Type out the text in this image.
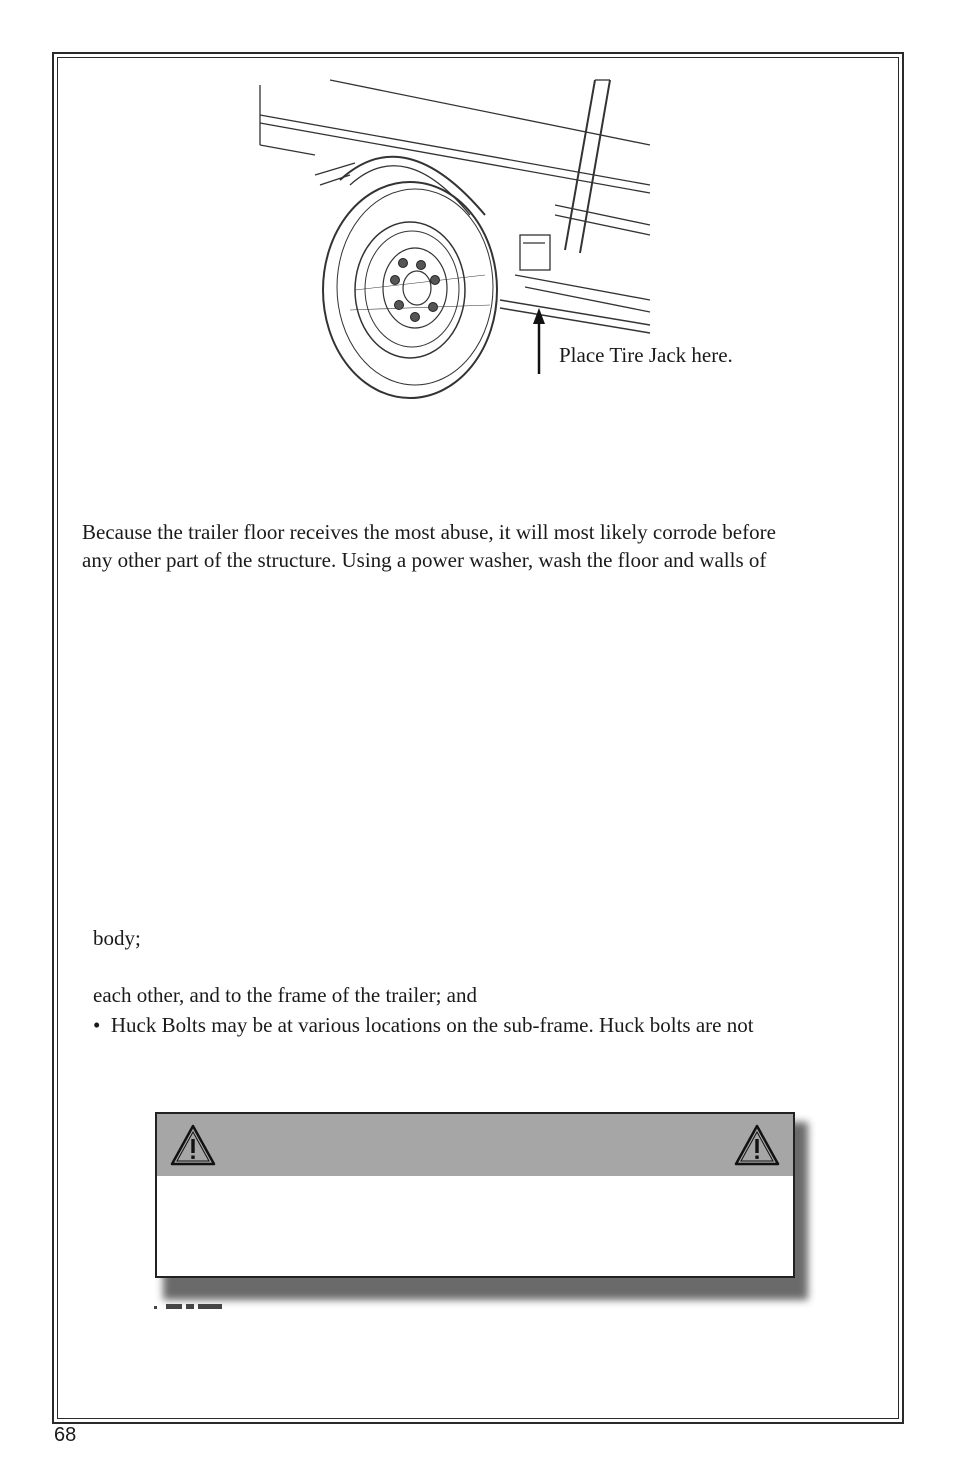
Place Tire Jack here.
Because the trailer floor receives the most abuse, it will most likely corrode before
any other part of the structure. Using a power washer, wash the floor and walls of
body;
each other, and to the frame of the trailer; and
• Huck Bolts may be at various locations on the sub-frame. Huck bolts are not
68
